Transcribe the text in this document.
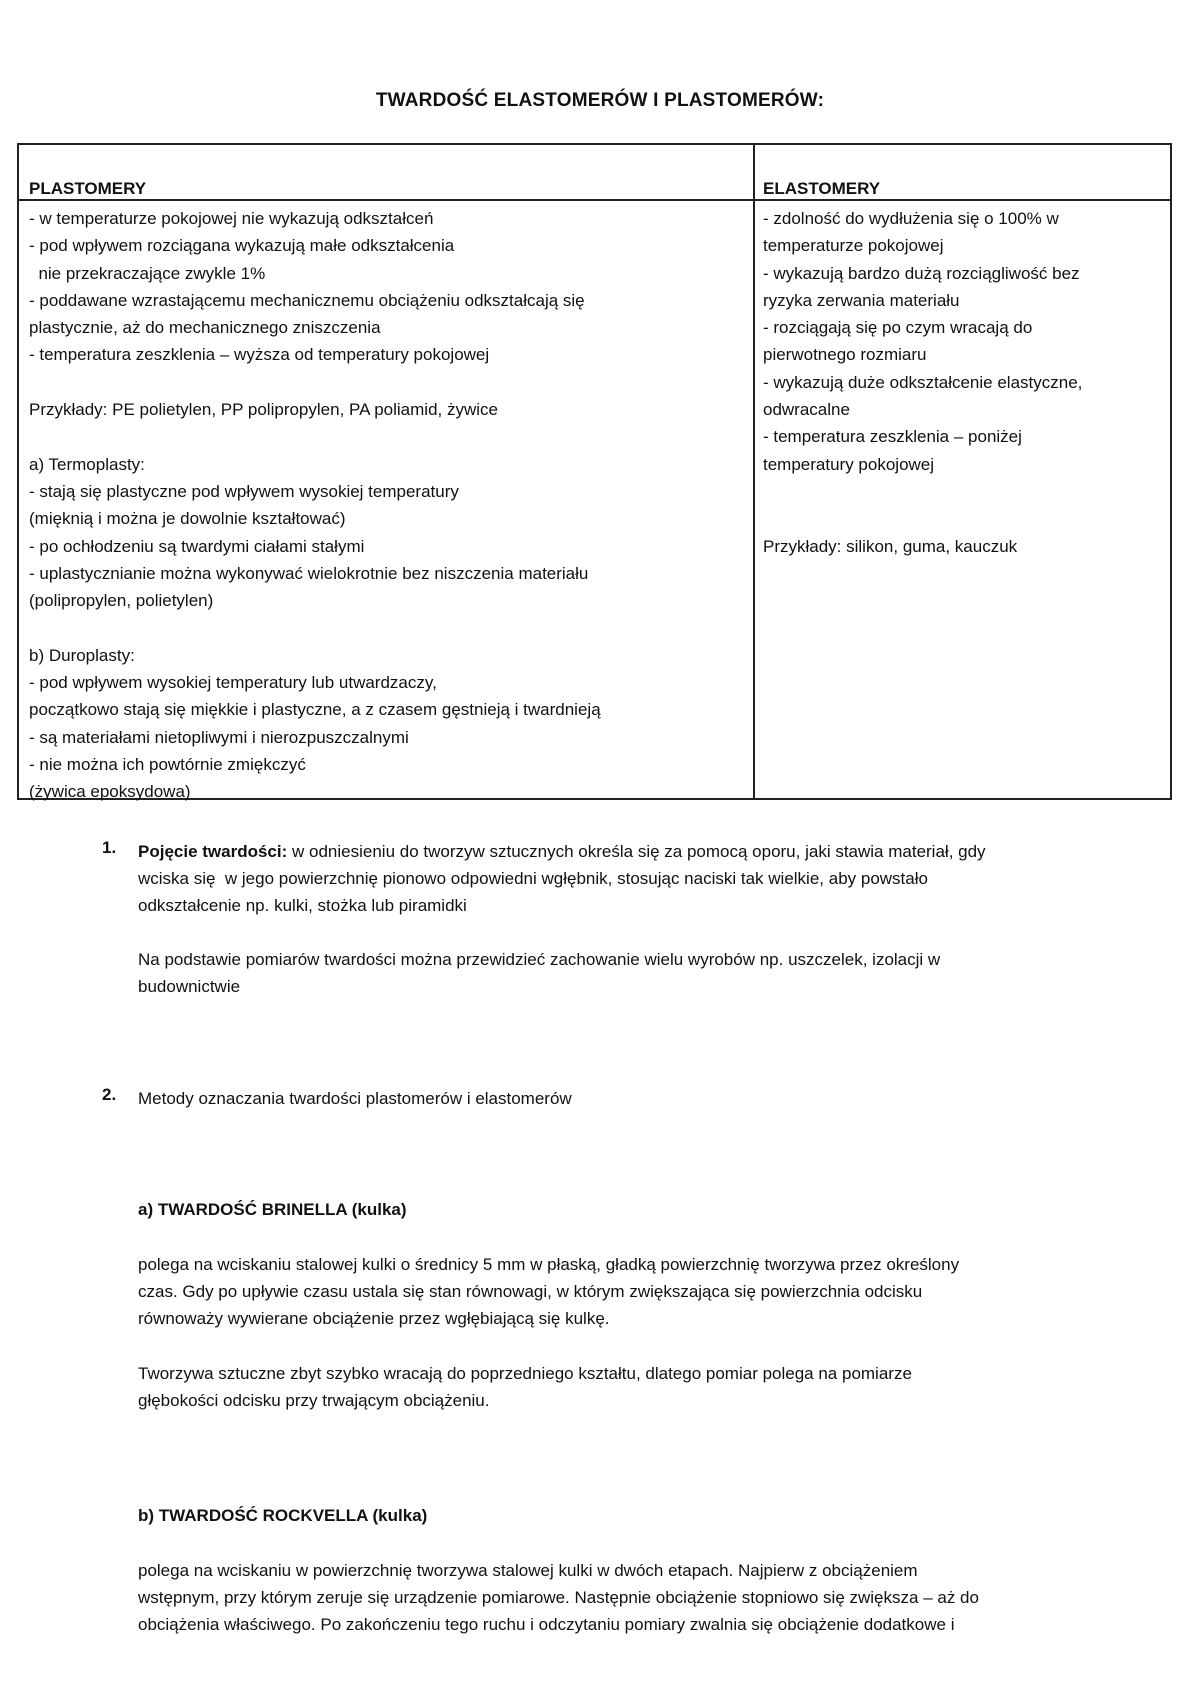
TWARDOŚĆ ELASTOMERÓW I PLASTOMERÓW:
PLASTOMERY	ELASTOMERY
- w temperaturze pokojowej nie wykazują odkształceń
- pod wpływem rozciągana wykazują małe odkształcenia
nie przekraczające zwykle 1%
- poddawane wzrastającemu mechanicznemu obciążeniu odkształcają się
plastycznie, aż do mechanicznego zniszczenia
- temperatura zeszklenia – wyższa od temperatury pokojowej
Przykłady: PE polietylen, PP polipropylen, PA poliamid, żywice
a) Termoplasty:
- stają się plastyczne pod wpływem wysokiej temperatury
(mięknią i można je dowolnie kształtować)
- po ochłodzeniu są twardymi ciałami stałymi
- uplastycznianie można wykonywać wielokrotnie bez niszczenia materiału
(polipropylen, polietylen)
b) Duroplasty:
- pod wpływem wysokiej temperatury lub utwardzaczy,
początkowo stają się miękkie i plastyczne, a z czasem gęstnieją i twardnieją
- są materiałami nietopliwymi i nierozpuszczalnymi
- nie można ich powtórnie zmiękczyć
(żywica epoksydowa)
- zdolność do wydłużenia się o 100% w
temperaturze pokojowej
- wykazują bardzo dużą rozciągliwość bez
ryzyka zerwania materiału
- rozciągają się po czym wracają do
pierwotnego rozmiaru
- wykazują duże odkształcenie elastyczne,
odwracalne
- temperatura zeszklenia – poniżej
temperatury pokojowej
Przykłady: silikon, guma, kauczuk
1. Pojęcie twardości: w odniesieniu do tworzyw sztucznych określa się za pomocą oporu, jaki stawia materiał, gdy
wciska się  w jego powierzchnię pionowo odpowiedni wgłębnik, stosując naciski tak wielkie, aby powstało
odkształcenie np. kulki, stożka lub piramidki
Na podstawie pomiarów twardości można przewidzieć zachowanie wielu wyrobów np. uszczelek, izolacji w
budownictwie
2. Metody oznaczania twardości plastomerów i elastomerów
a) TWARDOŚĆ BRINELLA (kulka)
polega na wciskaniu stalowej kulki o średnicy 5 mm w płaską, gładką powierzchnię tworzywa przez określony
czas. Gdy po upływie czasu ustala się stan równowagi, w którym zwiększająca się powierzchnia odcisku
równoważy wywierane obciążenie przez wgłębiającą się kulkę.
Tworzywa sztuczne zbyt szybko wracają do poprzedniego kształtu, dlatego pomiar polega na pomiarze
głębokości odcisku przy trwającym obciążeniu.
b) TWARDOŚĆ ROCKVELLA (kulka)
polega na wciskaniu w powierzchnię tworzywa stalowej kulki w dwóch etapach. Najpierw z obciążeniem
wstępnym, przy którym zeruje się urządzenie pomiarowe. Następnie obciążenie stopniowo się zwiększa – aż do
obciążenia właściwego. Po zakończeniu tego ruchu i odczytaniu pomiary zwalnia się obciążenie dodatkowe i
